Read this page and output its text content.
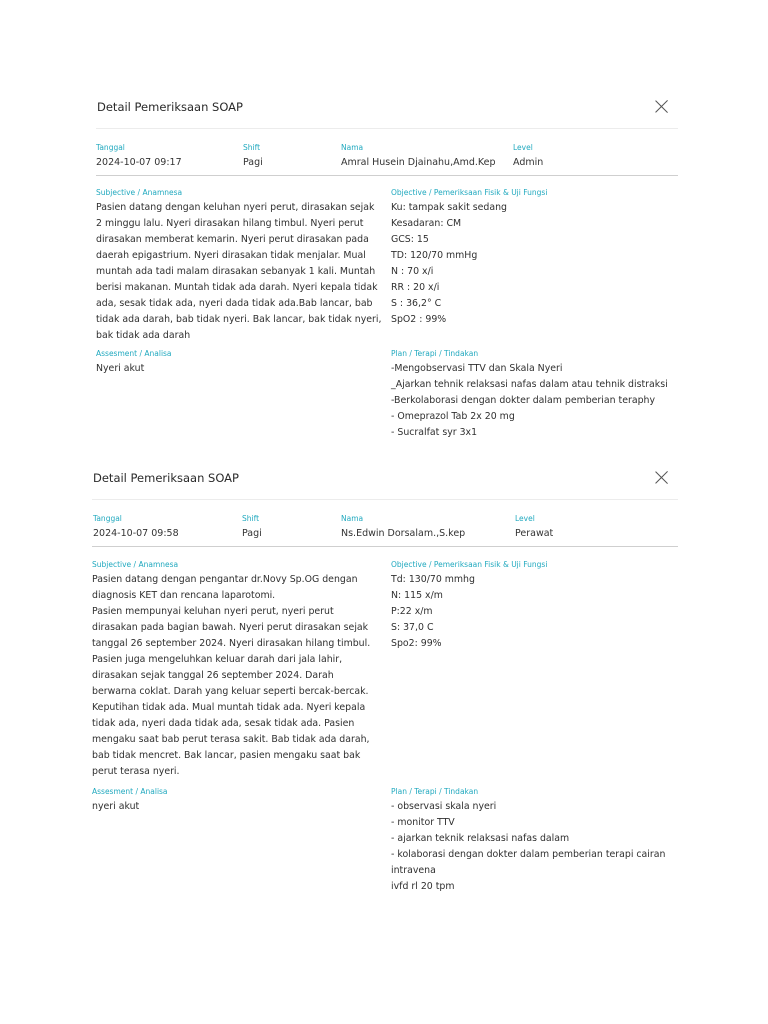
Detail Pemeriksaan SOAP
Tanggal
2024-10-07 09:17
Shift
Pagi
Nama
Amral Husein Djainahu,Amd.Kep
Level
Admin
Subjective / Anamnesa
Pasien datang dengan keluhan nyeri perut, dirasakan sejak
2 minggu lalu. Nyeri dirasakan hilang timbul. Nyeri perut
dirasakan memberat kemarin. Nyeri perut dirasakan pada
daerah epigastrium. Nyeri dirasakan tidak menjalar. Mual
muntah ada tadi malam dirasakan sebanyak 1 kali. Muntah
berisi makanan. Muntah tidak ada darah. Nyeri kepala tidak
ada, sesak tidak ada, nyeri dada tidak ada.Bab lancar, bab
tidak ada darah, bab tidak nyeri. Bak lancar, bak tidak nyeri,
bak tidak ada darah
Objective / Pemeriksaan Fisik & Uji Fungsi
Ku: tampak sakit sedang
Kesadaran: CM
GCS: 15
TD: 120/70 mmHg
N : 70 x/i
RR : 20 x/i
S : 36,2° C
SpO2 : 99%
Assesment / Analisa
Nyeri akut
Plan / Terapi / Tindakan
-Mengobservasi TTV dan Skala Nyeri
_Ajarkan tehnik relaksasi nafas dalam atau tehnik distraksi
-Berkolaborasi dengan dokter dalam pemberian teraphy
- Omeprazol Tab 2x 20 mg
- Sucralfat syr 3x1
Detail Pemeriksaan SOAP
Tanggal
2024-10-07 09:58
Shift
Pagi
Nama
Ns.Edwin Dorsalam.,S.kep
Level
Perawat
Subjective / Anamnesa
Pasien datang dengan pengantar dr.Novy Sp.OG dengan
diagnosis KET dan rencana laparotomi.
Pasien mempunyai keluhan nyeri perut, nyeri perut
dirasakan pada bagian bawah. Nyeri perut dirasakan sejak
tanggal 26 september 2024. Nyeri dirasakan hilang timbul.
Pasien juga mengeluhkan keluar darah dari jala lahir,
dirasakan sejak tanggal 26 september 2024. Darah
berwarna coklat. Darah yang keluar seperti bercak-bercak.
Keputihan tidak ada. Mual muntah tidak ada. Nyeri kepala
tidak ada, nyeri dada tidak ada, sesak tidak ada. Pasien
mengaku saat bab perut terasa sakit. Bab tidak ada darah,
bab tidak mencret. Bak lancar, pasien mengaku saat bak
perut terasa nyeri.
Objective / Pemeriksaan Fisik & Uji Fungsi
Td: 130/70 mmhg
N: 115 x/m
P:22 x/m
S: 37,0 C
Spo2: 99%
Assesment / Analisa
nyeri akut
Plan / Terapi / Tindakan
- observasi skala nyeri
- monitor TTV
- ajarkan teknik relaksasi nafas dalam
- kolaborasi dengan dokter dalam pemberian terapi cairan
intravena
ivfd rl 20 tpm
